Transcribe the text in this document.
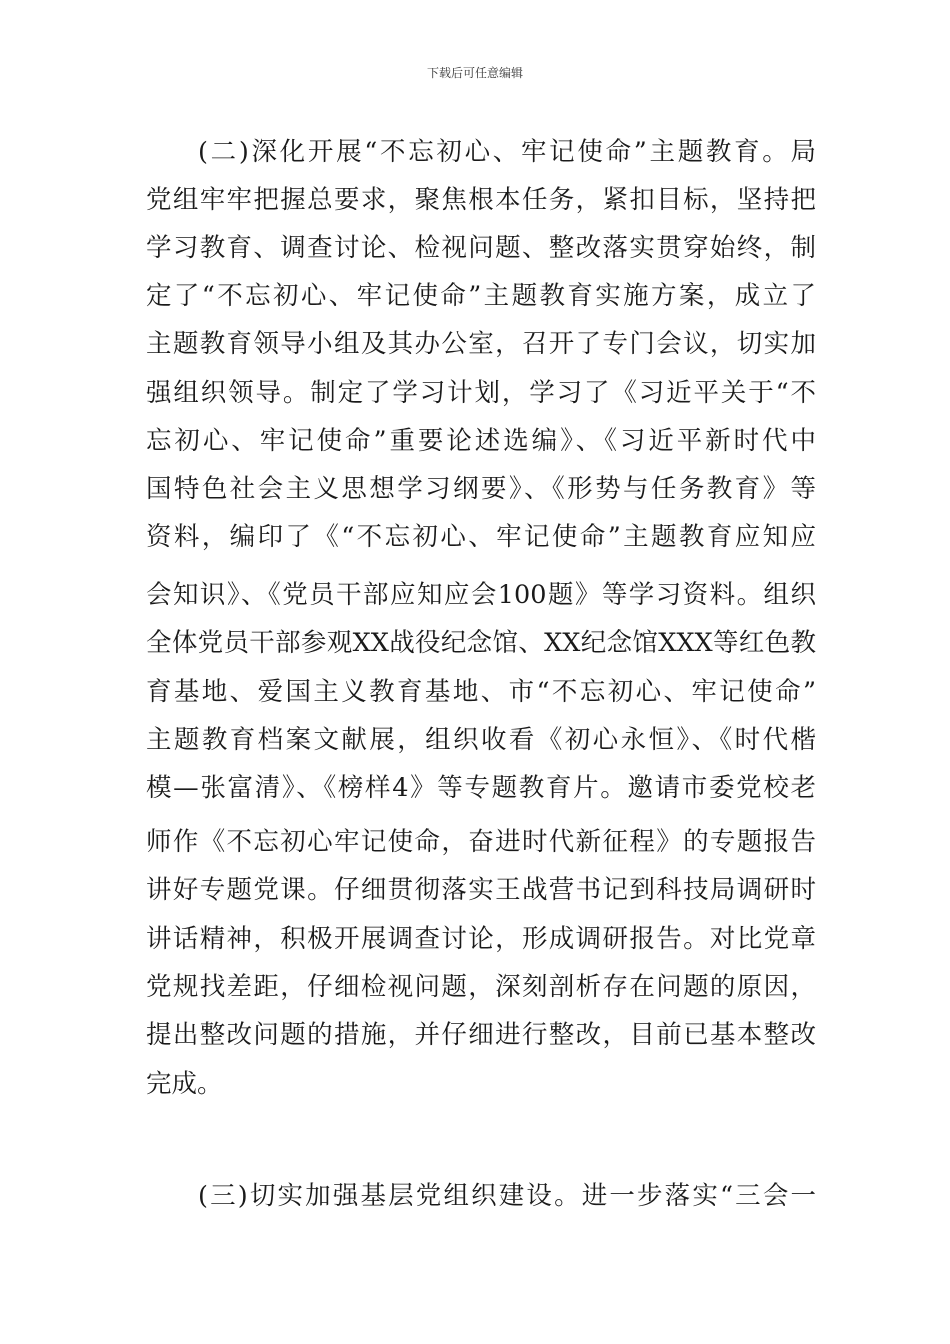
下载后可任意编辑
(二)深化开展“不忘初心、牢记使命”主题教育。局
党组牢牢把握总要求，聚焦根本任务，紧扣目标，坚持把
学习教育、调查讨论、检视问题、整改落实贯穿始终，制
定了“不忘初心、牢记使命”主题教育实施方案，成立了
主题教育领导小组及其办公室，召开了专门会议，切实加
强组织领导。制定了学习计划，学习了《习近平关于“不
忘初心、牢记使命”重要论述选编》、《习近平新时代中
国特色社会主义思想学习纲要》、《形势与任务教育》等
资料，编印了《“不忘初心、牢记使命”主题教育应知应
会知识》、《党员干部应知应会100题》等学习资料。组织
全体党员干部参观XX战役纪念馆、XX纪念馆XXX等红色教
育基地、爱国主义教育基地、市“不忘初心、牢记使命”
主题教育档案文献展，组织收看《初心永恒》、《时代楷
模—张富清》、《榜样4》等专题教育片。邀请市委党校老
师作《不忘初心牢记使命，奋进时代新征程》的专题报告
讲好专题党课。仔细贯彻落实王战营书记到科技局调研时
讲话精神，积极开展调查讨论，形成调研报告。对比党章
党规找差距，仔细检视问题，深刻剖析存在问题的原因，
提出整改问题的措施，并仔细进行整改，目前已基本整改
完成。
(三)切实加强基层党组织建设。进一步落实“三会一
